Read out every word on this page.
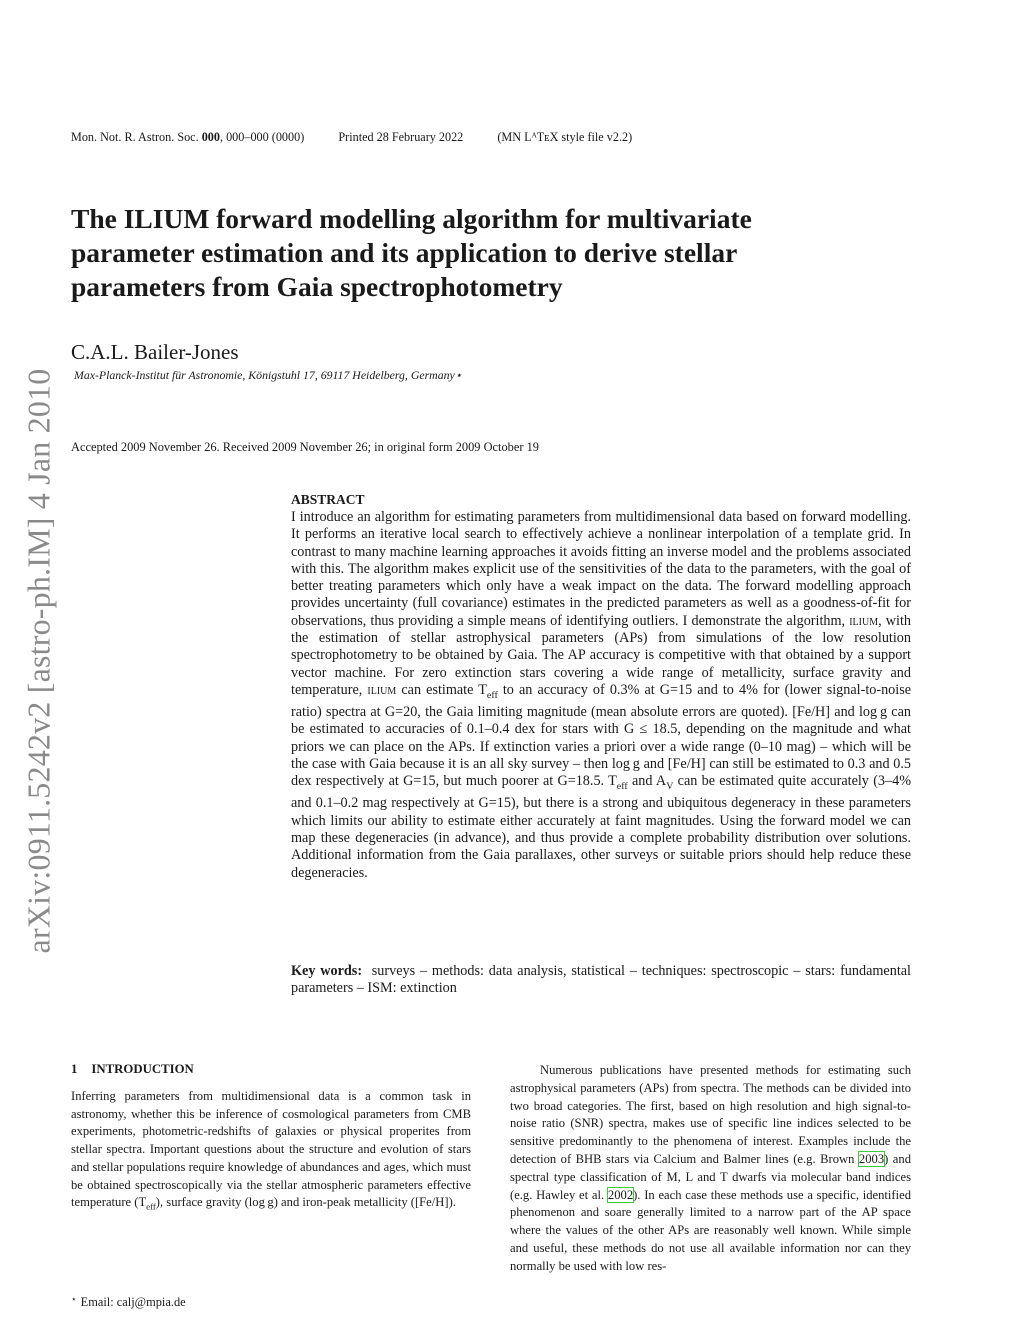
arXiv:0911.5242v2 [astro-ph.IM] 4 Jan 2010
Mon. Not. R. Astron. Soc. 000, 000–000 (0000)	Printed 28 February 2022	(MN LᴬTᴇX style file v2.2)
The ILIUM forward modelling algorithm for multivariate parameter estimation and its application to derive stellar parameters from Gaia spectrophotometry
C.A.L. Bailer-Jones
Max-Planck-Institut für Astronomie, Königstuhl 17, 69117 Heidelberg, Germany⋆
Accepted 2009 November 26. Received 2009 November 26; in original form 2009 October 19
ABSTRACT
I introduce an algorithm for estimating parameters from multidimensional data based on forward modelling. It performs an iterative local search to effectively achieve a nonlinear interpolation of a template grid. In contrast to many machine learning approaches it avoids fitting an inverse model and the problems associated with this. The algorithm makes explicit use of the sensitivities of the data to the parameters, with the goal of better treating parameters which only have a weak impact on the data. The forward modelling approach provides uncertainty (full covariance) estimates in the predicted parameters as well as a goodness-of-fit for observations, thus providing a simple means of identifying outliers. I demonstrate the algorithm, ilium, with the estimation of stellar astrophysical parameters (APs) from simulations of the low resolution spectrophotometry to be obtained by Gaia. The AP accuracy is competitive with that obtained by a support vector machine. For zero extinction stars covering a wide range of metallicity, surface gravity and temperature, ilium can estimate $T_{eff}$ to an accuracy of 0.3% at G=15 and to 4% for (lower signal-to-noise ratio) spectra at G=20, the Gaia limiting magnitude (mean absolute errors are quoted). [Fe/H] and log g can be estimated to accuracies of 0.1–0.4 dex for stars with G ≤ 18.5, depending on the magnitude and what priors we can place on the APs. If extinction varies a priori over a wide range (0–10 mag) – which will be the case with Gaia because it is an all sky survey – then log g and [Fe/H] can still be estimated to 0.3 and 0.5 dex respectively at G=15, but much poorer at G=18.5. $T_{eff}$ and $A_V$ can be estimated quite accurately (3–4% and 0.1–0.2 mag respectively at G=15), but there is a strong and ubiquitous degeneracy in these parameters which limits our ability to estimate either accurately at faint magnitudes. Using the forward model we can map these degeneracies (in advance), and thus provide a complete probability distribution over solutions. Additional information from the Gaia parallaxes, other surveys or suitable priors should help reduce these degeneracies.
Key words: surveys – methods: data analysis, statistical – techniques: spectroscopic – stars: fundamental parameters – ISM: extinction
1 INTRODUCTION
Inferring parameters from multidimensional data is a common task in astronomy, whether this be inference of cosmological parameters from CMB experiments, photometric-redshifts of galaxies or physical properites from stellar spectra. Important questions about the structure and evolution of stars and stellar populations require knowledge of abundances and ages, which must be obtained spectroscopically via the stellar atmospheric parameters effective temperature $(T_{eff})$, surface gravity (log g) and iron-peak metallicity ([Fe/H]).
Numerous publications have presented methods for estimating such astrophysical parameters (APs) from spectra. The methods can be divided into two broad categories. The first, based on high resolution and high signal-to-noise ratio (SNR) spectra, makes use of specific line indices selected to be sensitive predominantly to the phenomena of interest. Examples include the detection of BHB stars via Calcium and Balmer lines (e.g. Brown 2003) and spectral type classification of M, L and T dwarfs via molecular band indices (e.g. Hawley et al. 2002). In each case these methods use a specific, identified phenomenon and soare generally limited to a narrow part of the AP space where the values of the other APs are reasonably well known. While simple and useful, these methods do not use all available information nor can they normally be used with low res-
⋆ Email: calj@mpia.de
